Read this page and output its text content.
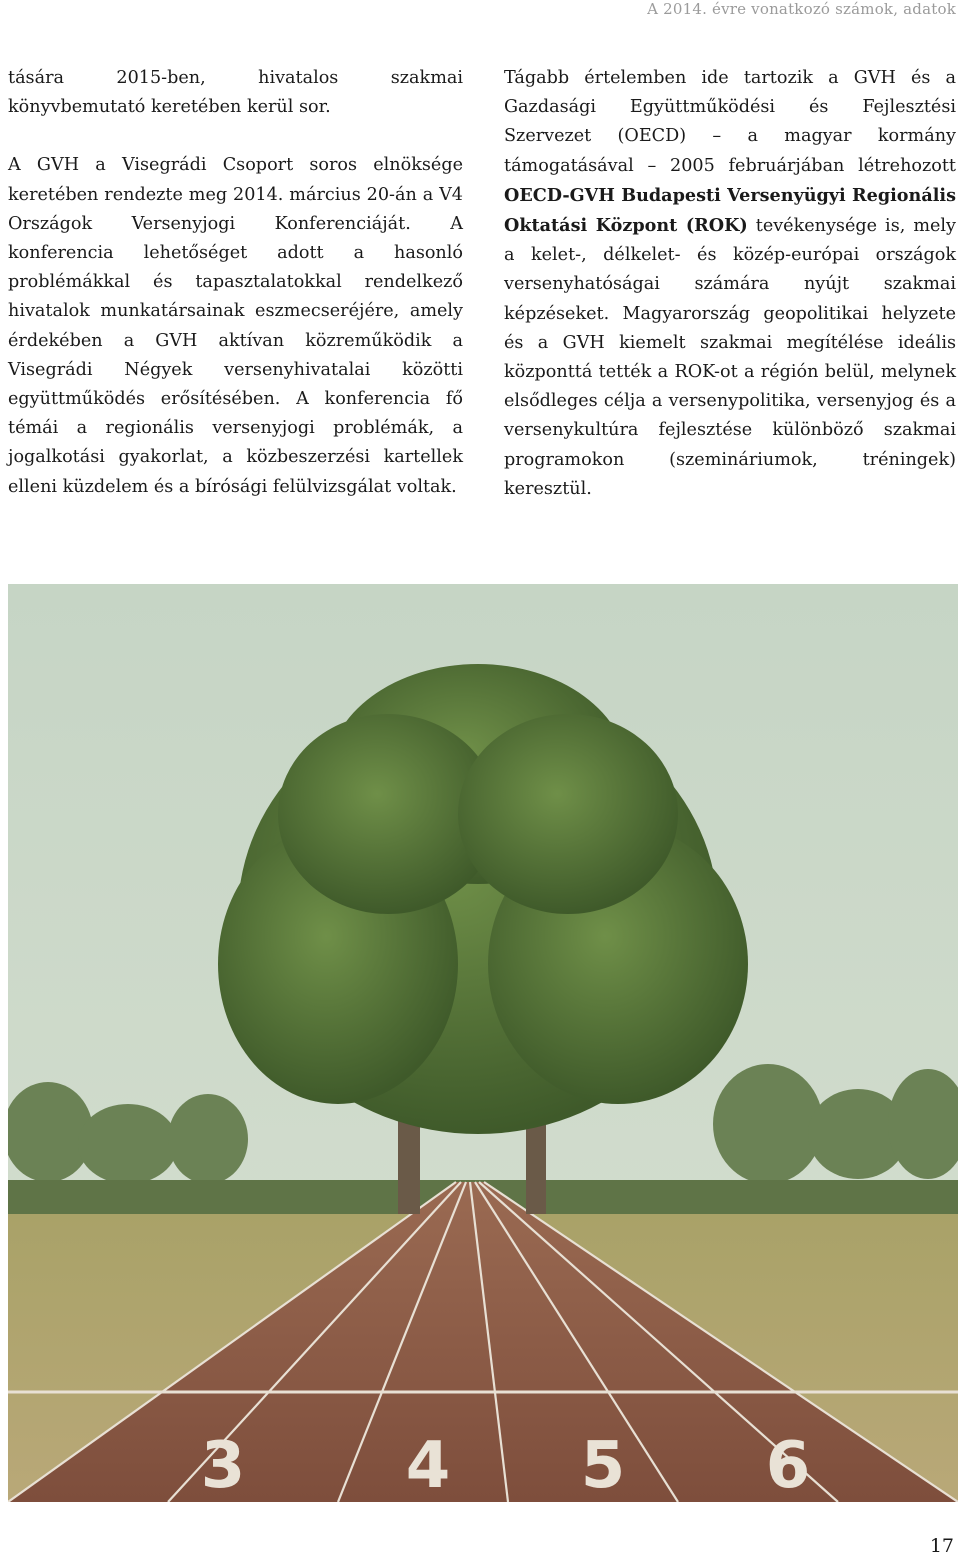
A 2014. évre vonatkozó számok, adatok

tására 2015-ben, hivatalos szakmai könyvbemutató keretében kerül sor.

A GVH a Visegrádi Csoport soros elnöksége keretében rendezte meg 2014. március 20-án a V4 Országok Versenyjogi Konferenciáját. A konferencia lehetőséget adott a hasonló problémákkal és tapasztalatokkal rendelkező hivatalok munkatársainak eszmecseréjére, amely érdekében a GVH aktívan közreműködik a Visegrádi Négyek versenyhivatalai közötti együttműködés erősítésében. A konferencia fő témái a regionális versenyjogi problémák, a jogalkotási gyakorlat, a közbeszerzési kartellek elleni küzdelem és a bírósági felülvizsgálat voltak.

Tágabb értelemben ide tartozik a GVH és a Gazdasági Együttműködési és Fejlesztési Szervezet (OECD) – a magyar kormány támogatásával – 2005 februárjában létrehozott OECD-GVH Budapesti Versenyügyi Regionális Oktatási Központ (ROK) tevékenysége is, mely a kelet-, délkelet- és közép-európai országok versenyhatóságai számára nyújt szakmai képzéseket. Magyarország geopolitikai helyzete és a GVH kiemelt szakmai megítélése ideális központtá tették a ROK-ot a régión belül, melynek elsődleges célja a versenypolitika, versenyjog és a versenykultúra fejlesztése különböző szakmai programokon (szemináriumok, tréningek) keresztül.

3	4 5 6
17
